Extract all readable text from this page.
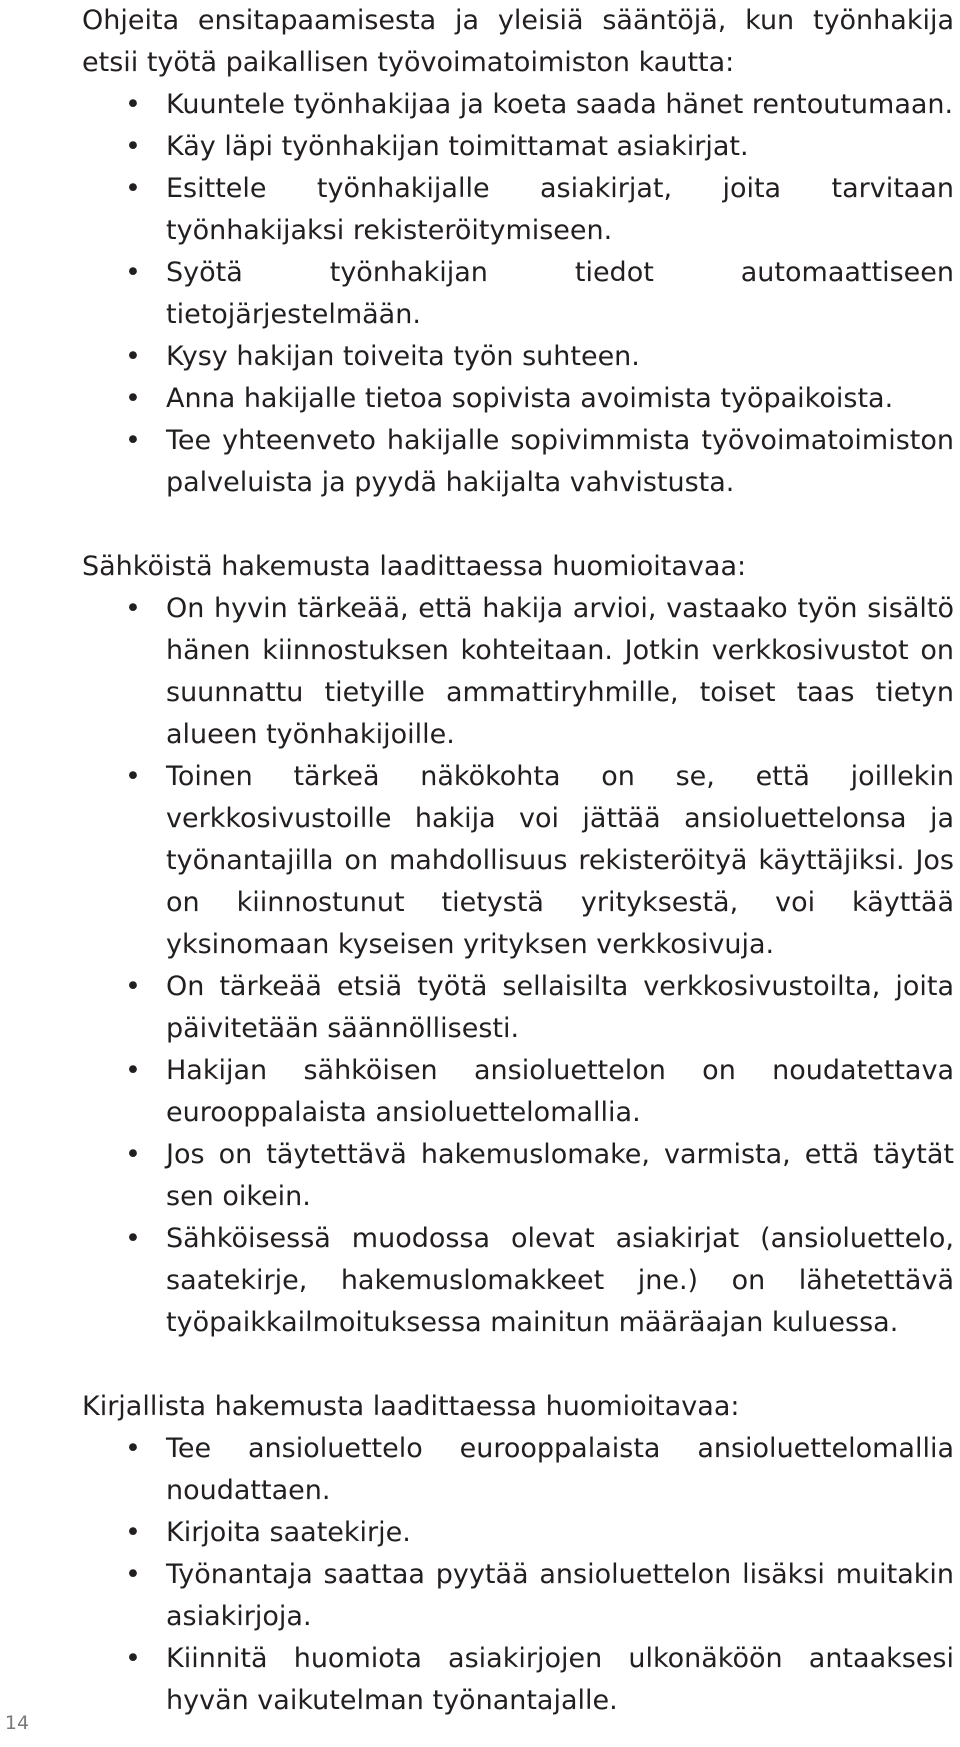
Ohjeita ensitapaamisesta ja yleisiä sääntöjä, kun työnhakija etsii työtä paikallisen työvoimatoimiston kautta:

• Kuuntele työnhakijaa ja koeta saada hänet rentoutumaan.
• Käy läpi työnhakijan toimittamat asiakirjat.
• Esittele työnhakijalle asiakirjat, joita tarvitaan työnhakijaksi rekisteröitymiseen.
• Syötä työnhakijan tiedot automaattiseen tietojärjestelmään.
• Kysy hakijan toiveita työn suhteen.
• Anna hakijalle tietoa sopivista avoimista työpaikoista.
• Tee yhteenveto hakijalle sopivimmista työvoimatoimiston palveluista ja pyydä hakijalta vahvistusta.

Sähköistä hakemusta laadittaessa huomioitavaa:

• On hyvin tärkeää, että hakija arvioi, vastaako työn sisältö hänen kiinnostuksen kohteitaan. Jotkin verkkosivustot on suunnattu tietyille ammattiryhmille, toiset taas tietyn alueen työnhakijoille.
• Toinen tärkeä näkökohta on se, että joillekin verkkosivustoille hakija voi jättää ansioluettelonsa ja työnantajilla on mahdollisuus rekisteröityä käyttäjiksi. Jos on kiinnostunut tietystä yrityksestä, voi käyttää yksinomaan kyseisen yrityksen verkkosivuja.
• On tärkeää etsiä työtä sellaisilta verkkosivustoilta, joita päivitetään säännöllisesti.
• Hakijan sähköisen ansioluettelon on noudatettava eurooppalaista ansioluettelomallia.
• Jos on täytettävä hakemuslomake, varmista, että täytät sen oikein.
• Sähköisessä muodossa olevat asiakirjat (ansioluettelo, saatekirje, hakemuslomakkeet jne.) on lähetettävä työpaikkailmoituksessa mainitun määräajan kuluessa.

Kirjallista hakemusta laadittaessa huomioitavaa:

• Tee ansioluettelo eurooppalaista ansioluettelomallia noudattaen.
• Kirjoita saatekirje.
• Työnantaja saattaa pyytää ansioluettelon lisäksi muitakin asiakirjoja.
• Kiinnitä huomiota asiakirjojen ulkonäköön antaaksesi hyvän vaikutelman työnantajalle.
14
